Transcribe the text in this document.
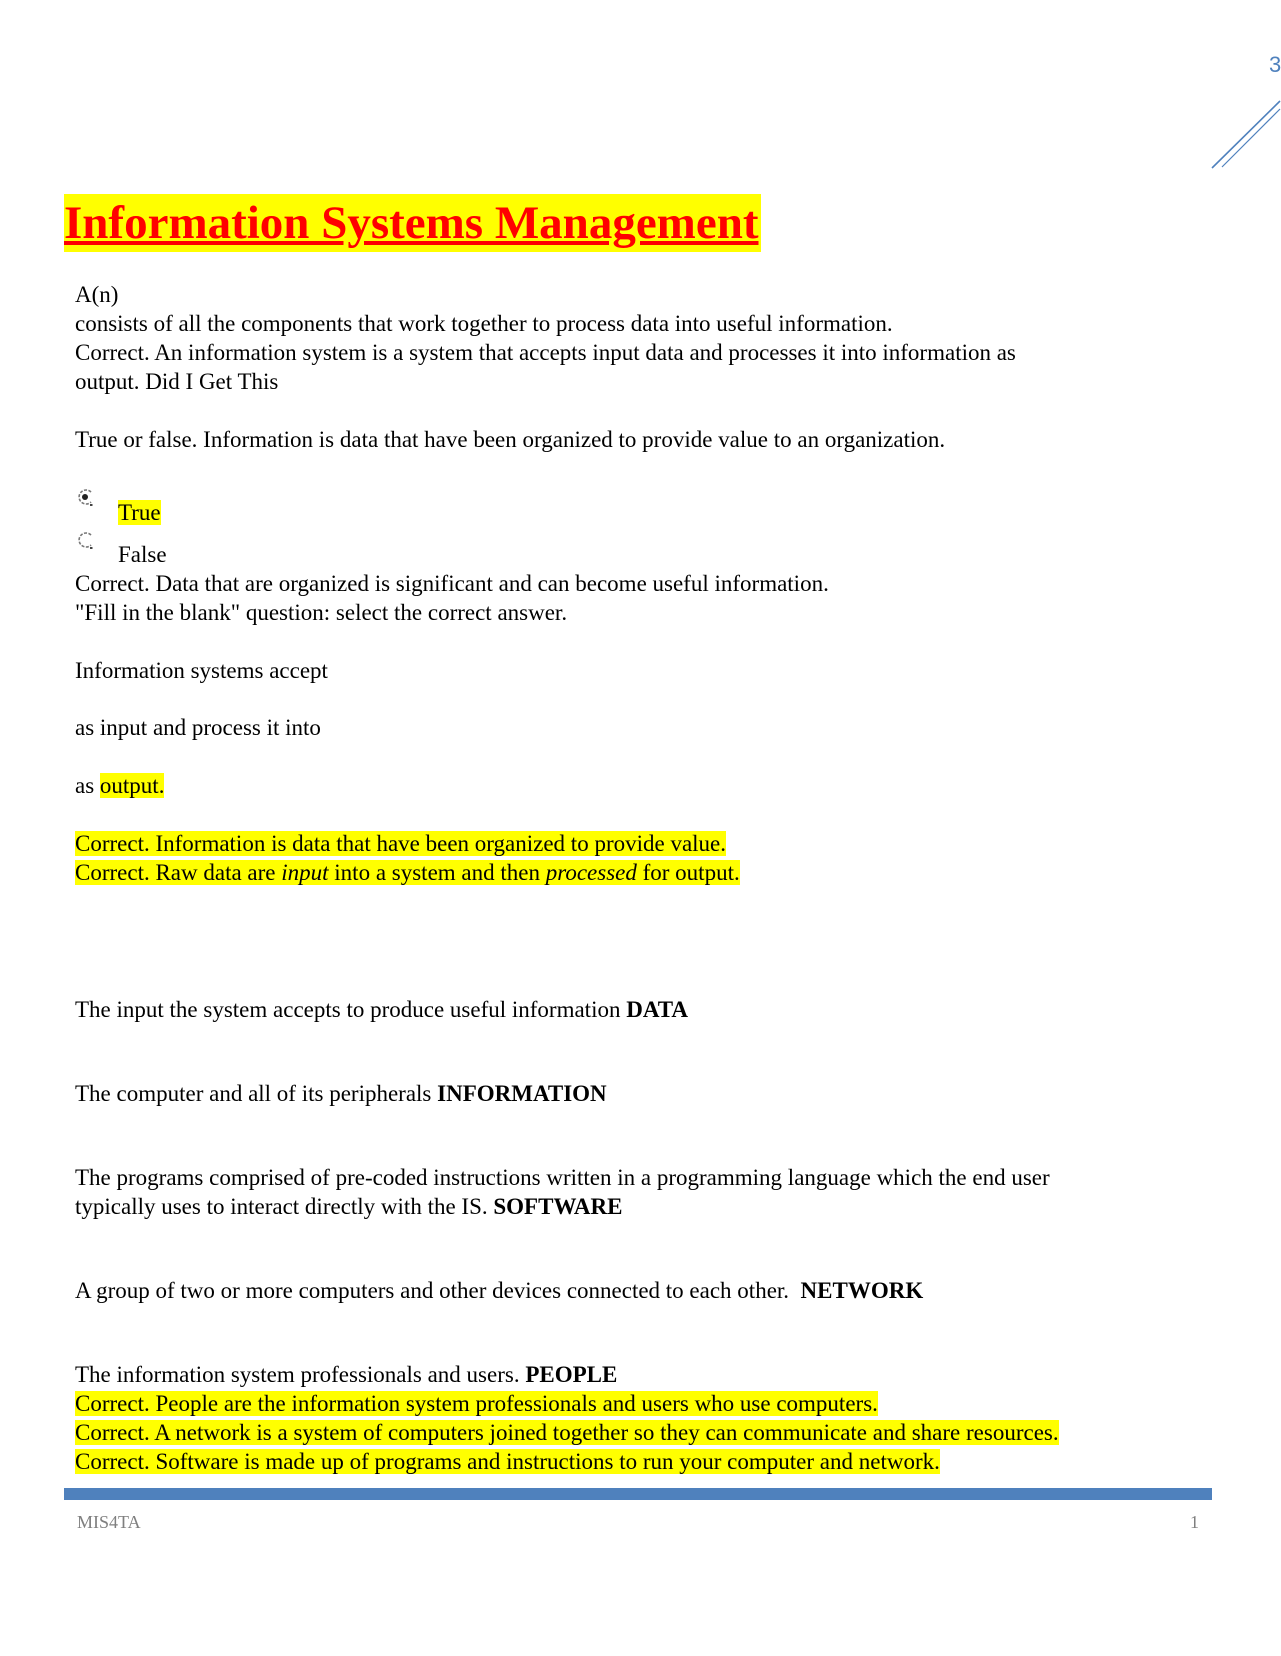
3
Information Systems Management
A(n)
consists of all the components that work together to process data into useful information.
Correct. An information system is a system that accepts input data and processes it into information as
output. Did I Get This
True or false. Information is data that have been organized to provide value to an organization.
True
False
Correct. Data that are organized is significant and can become useful information.
"Fill in the blank" question: select the correct answer.
Information systems accept
as input and process it into
as output.
Correct. Information is data that have been organized to provide value.
Correct. Raw data are input into a system and then processed for output.
The input the system accepts to produce useful information DATA
The computer and all of its peripherals INFORMATION
The programs comprised of pre-coded instructions written in a programming language which the end user
typically uses to interact directly with the IS. SOFTWARE
A group of two or more computers and other devices connected to each other.  NETWORK
The information system professionals and users. PEOPLE
Correct. People are the information system professionals and users who use computers.
Correct. A network is a system of computers joined together so they can communicate and share resources.
Correct. Software is made up of programs and instructions to run your computer and network.
MIS4TA	1
